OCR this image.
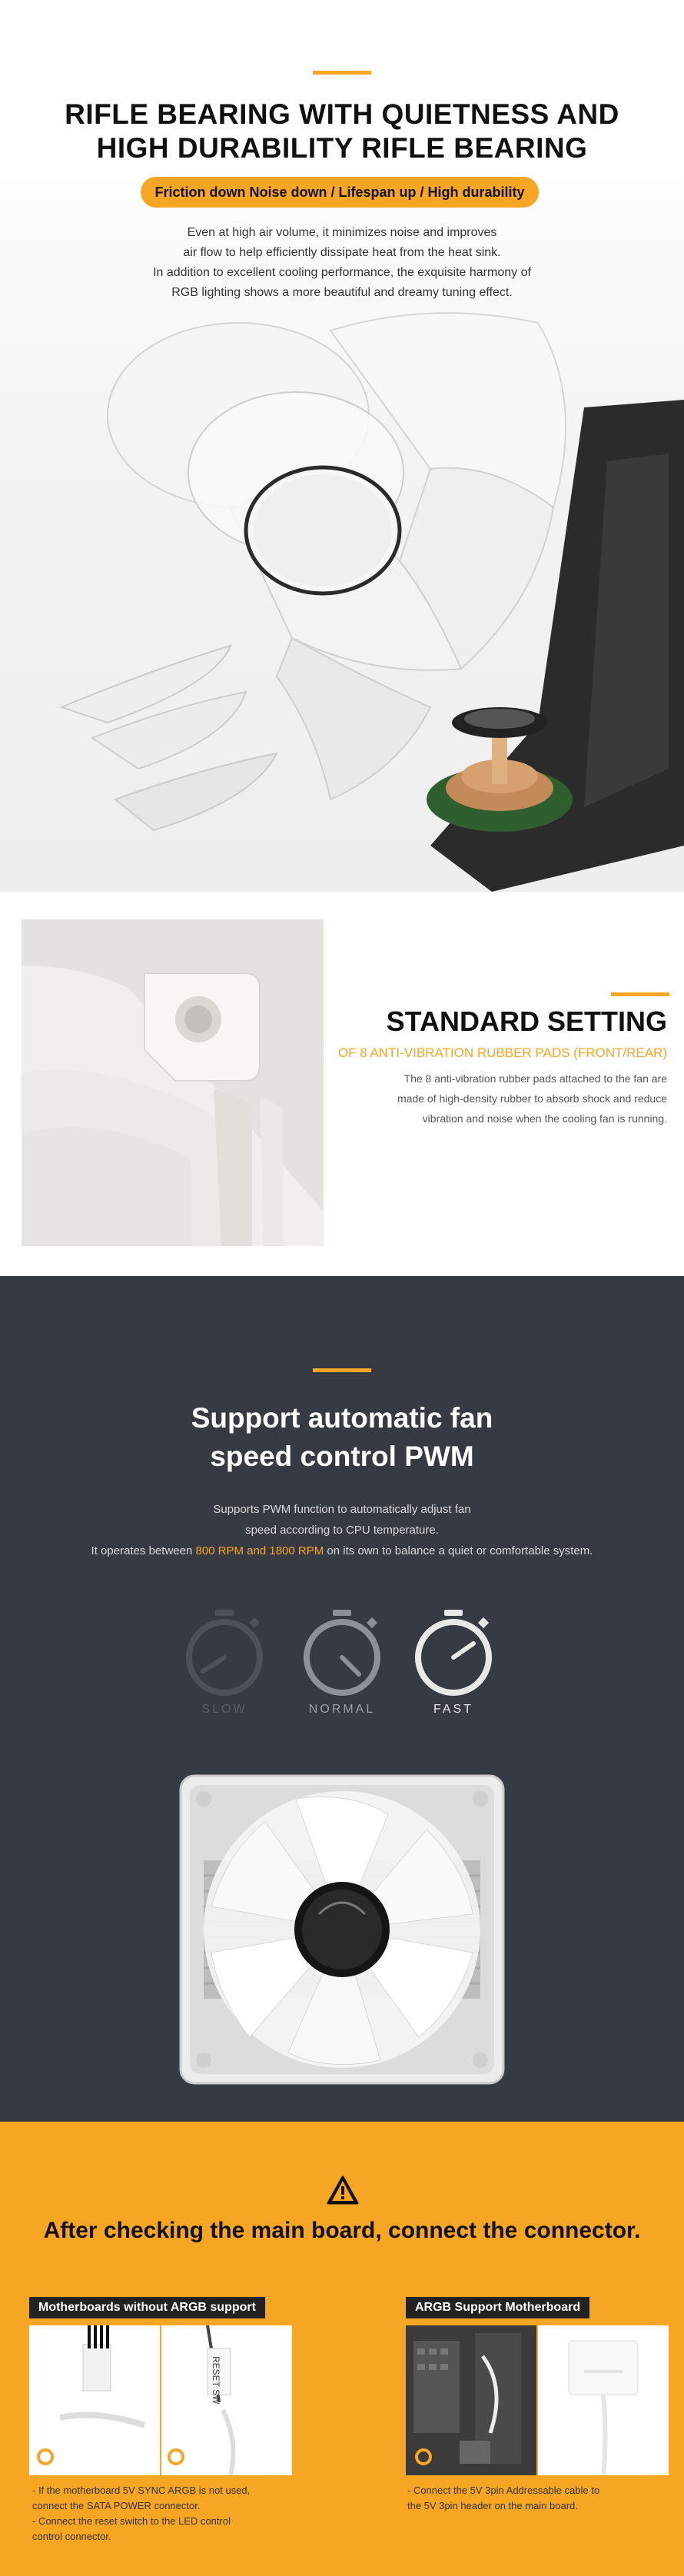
RIFLE BEARING WITH QUIETNESS AND
HIGH DURABILITY RIFLE BEARING
Friction down Noise down / Lifespan up / High durability
Even at high air volume, it minimizes noise and improves
air flow to help efficiently dissipate heat from the heat sink.
In addition to excellent cooling performance, the exquisite harmony of
RGB lighting shows a more beautiful and dreamy tuning effect.
STANDARD SETTING
OF 8 ANTI-VIBRATION RUBBER PADS (FRONT/REAR)
The 8 anti-vibration rubber pads attached to the fan are
made of high-density rubber to absorb shock and reduce
vibration and noise when the cooling fan is running.
Support automatic fan
speed control PWM
Supports PWM function to automatically adjust fan
speed according to CPU temperature.
It operates between 800 RPM and 1800 RPM on its own to balance a quiet or comfortable system.
SLOW	NORMAL	FAST
After checking the main board, connect the connector.
Motherboards without ARGB support	ARGB Support Motherboard
RESET SW
- If the motherboard 5V SYNC ARGB is not used,
connect the SATA POWER connector.
- Connect the reset switch to the LED control
control connector.
- Connect the 5V 3pin Addressable cable to
the 5V 3pin header on the main board.
